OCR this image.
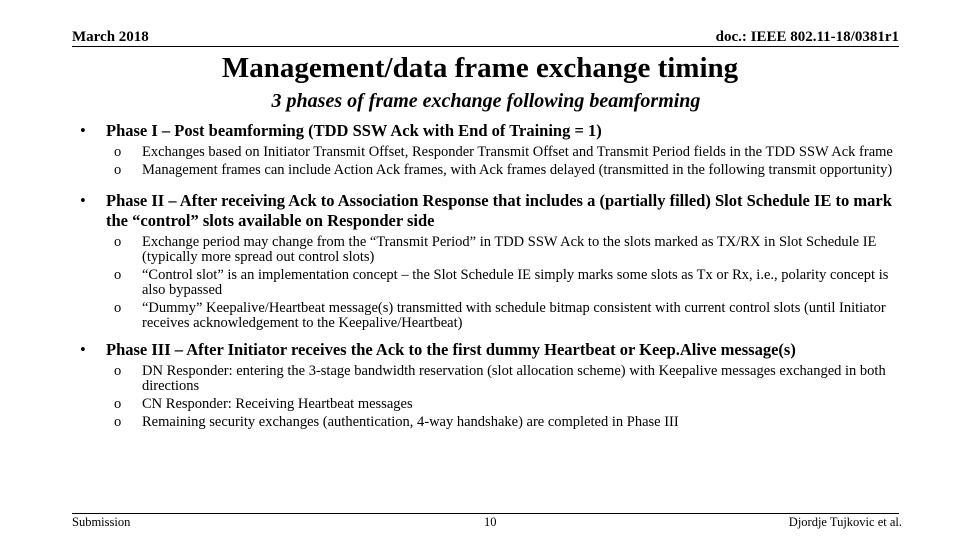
March 2018	doc.: IEEE 802.11-18/0381r1
Management/data frame exchange timing
3 phases of frame exchange following beamforming
• Phase I – Post beamforming (TDD SSW Ack with End of Training = 1)
o Exchanges based on Initiator Transmit Offset, Responder Transmit Offset and Transmit Period fields in the TDD SSW Ack frame
o Management frames can include Action Ack frames, with Ack frames delayed (transmitted in the following transmit opportunity)
• Phase II – After receiving Ack to Association Response that includes a (partially filled) Slot Schedule IE to mark the “control” slots available on Responder side
o Exchange period may change from the “Transmit Period” in TDD SSW Ack to the slots marked as TX/RX in Slot Schedule IE (typically more spread out control slots)
o “Control slot” is an implementation concept – the Slot Schedule IE simply marks some slots as Tx or Rx, i.e., polarity concept is also bypassed
o “Dummy” Keepalive/Heartbeat message(s) transmitted with schedule bitmap consistent with current control slots (until Initiator receives acknowledgement to the Keepalive/Heartbeat)
• Phase III – After Initiator receives the Ack to the first dummy Heartbeat or Keep.Alive message(s)
o DN Responder: entering the 3-stage bandwidth reservation (slot allocation scheme) with Keepalive messages exchanged in both directions
o CN Responder: Receiving Heartbeat messages
o Remaining security exchanges (authentication, 4-way handshake) are completed in Phase III
Submission	10	Djordje Tujkovic et al.
